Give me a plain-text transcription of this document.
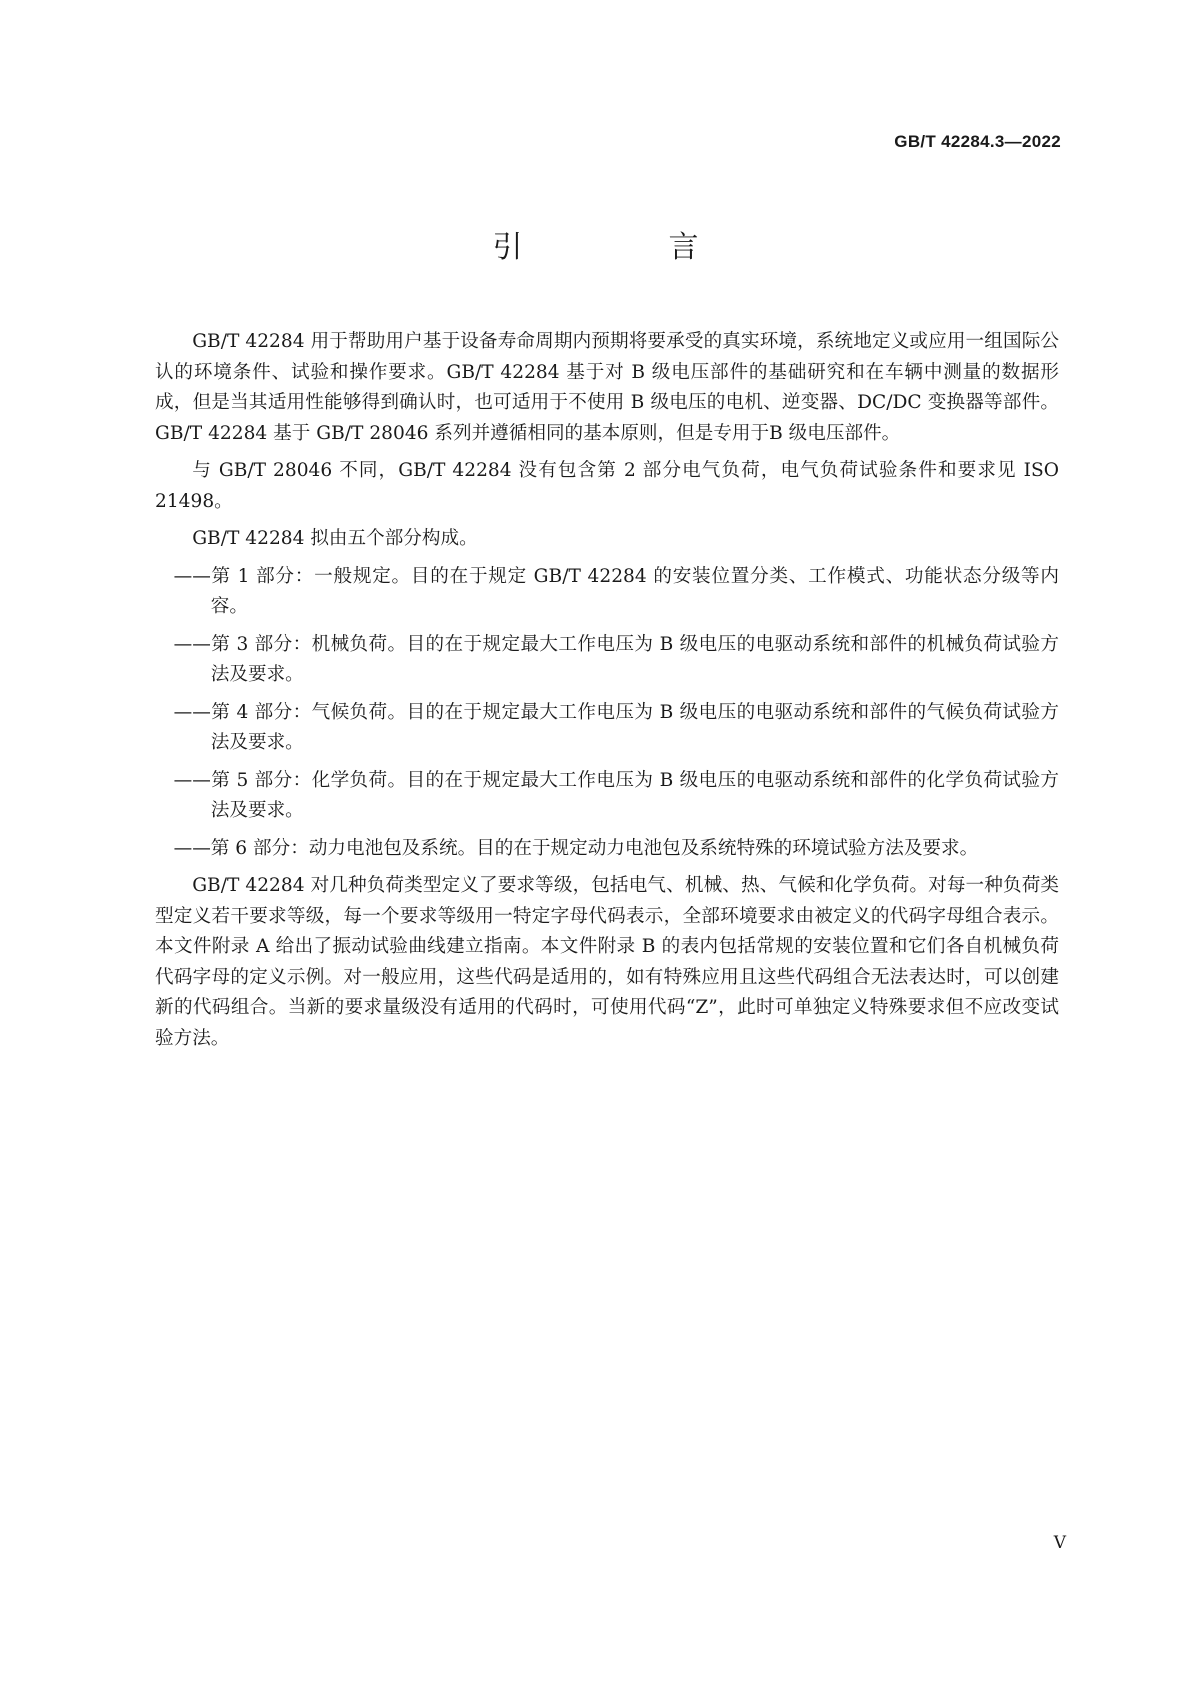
GB/T 42284.3—2022
引　言

GB/T 42284 用于帮助用户基于设备寿命周期内预期将要承受的真实环境，系统地定义或应用一组国际公认的环境条件、试验和操作要求。GB/T 42284 基于对 B 级电压部件的基础研究和在车辆中测量的数据形成，但是当其适用性能够得到确认时，也可适用于不使用 B 级电压的电机、逆变器、DC/DC 变换器等部件。GB/T 42284 基于 GB/T 28046 系列并遵循相同的基本原则，但是专用于B 级电压部件。

与 GB/T 28046 不同，GB/T 42284 没有包含第 2 部分电气负荷，电气负荷试验条件和要求见 ISO 21498。

GB/T 42284 拟由五个部分构成。

——第 1 部分：一般规定。目的在于规定 GB/T 42284 的安装位置分类、工作模式、功能状态分级等内容。

——第 3 部分：机械负荷。目的在于规定最大工作电压为 B 级电压的电驱动系统和部件的机械负荷试验方法及要求。

——第 4 部分：气候负荷。目的在于规定最大工作电压为 B 级电压的电驱动系统和部件的气候负荷试验方法及要求。

——第 5 部分：化学负荷。目的在于规定最大工作电压为 B 级电压的电驱动系统和部件的化学负荷试验方法及要求。

——第 6 部分：动力电池包及系统。目的在于规定动力电池包及系统特殊的环境试验方法及要求。

GB/T 42284 对几种负荷类型定义了要求等级，包括电气、机械、热、气候和化学负荷。对每一种负荷类型定义若干要求等级，每一个要求等级用一特定字母代码表示，全部环境要求由被定义的代码字母组合表示。本文件附录 A 给出了振动试验曲线建立指南。本文件附录 B 的表内包括常规的安装位置和它们各自机械负荷代码字母的定义示例。对一般应用，这些代码是适用的，如有特殊应用且这些代码组合无法表达时，可以创建新的代码组合。当新的要求量级没有适用的代码时，可使用代码“Z”，此时可单独定义特殊要求但不应改变试验方法。

V
